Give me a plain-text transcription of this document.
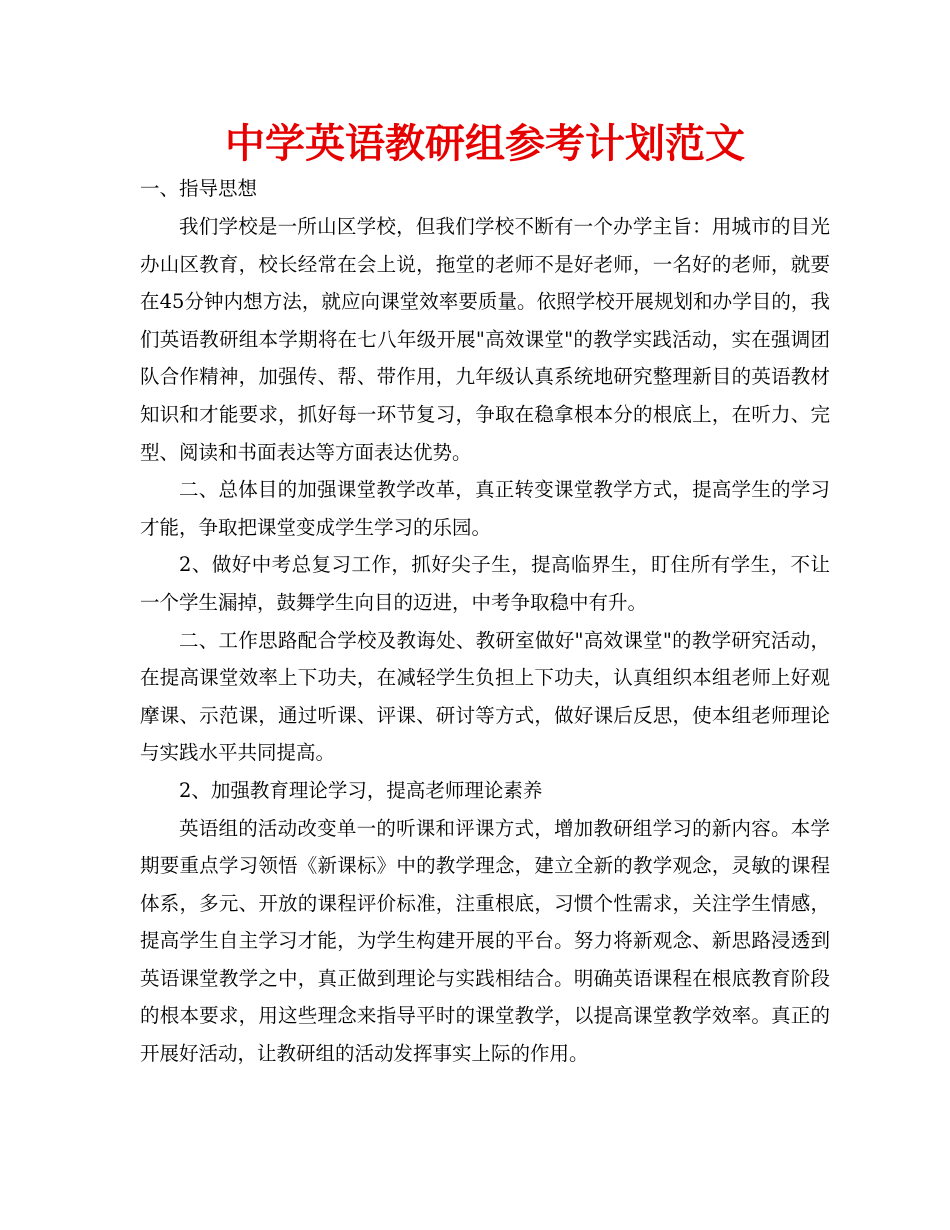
中学英语教研组参考计划范文
一、指导思想

我们学校是一所山区学校，但我们学校不断有一个办学主旨：用城市的目光办山区教育，校长经常在会上说，拖堂的老师不是好老师，一名好的老师，就要在45分钟内想方法，就应向课堂效率要质量。依照学校开展规划和办学目的，我们英语教研组本学期将在七八年级开展"高效课堂"的教学实践活动，实在强调团队合作精神，加强传、帮、带作用，九年级认真系统地研究整理新目的英语教材知识和才能要求，抓好每一环节复习，争取在稳拿根本分的根底上，在听力、完型、阅读和书面表达等方面表达优势。

二、总体目的加强课堂教学改革，真正转变课堂教学方式，提高学生的学习才能，争取把课堂变成学生学习的乐园。

2、做好中考总复习工作，抓好尖子生，提高临界生，盯住所有学生，不让一个学生漏掉，鼓舞学生向目的迈进，中考争取稳中有升。

二、工作思路配合学校及教诲处、教研室做好"高效课堂"的教学研究活动，在提高课堂效率上下功夫，在减轻学生负担上下功夫，认真组织本组老师上好观摩课、示范课，通过听课、评课、研讨等方式，做好课后反思，使本组老师理论与实践水平共同提高。

2、加强教育理论学习，提高老师理论素养

英语组的活动改变单一的听课和评课方式，增加教研组学习的新内容。本学期要重点学习领悟《新课标》中的教学理念，建立全新的教学观念，灵敏的课程体系，多元、开放的课程评价标准，注重根底，习惯个性需求，关注学生情感，提高学生自主学习才能，为学生构建开展的平台。努力将新观念、新思路浸透到英语课堂教学之中，真正做到理论与实践相结合。明确英语课程在根底教育阶段的根本要求，用这些理念来指导平时的课堂教学，以提高课堂教学效率。真正的开展好活动，让教研组的活动发挥事实上际的作用。
